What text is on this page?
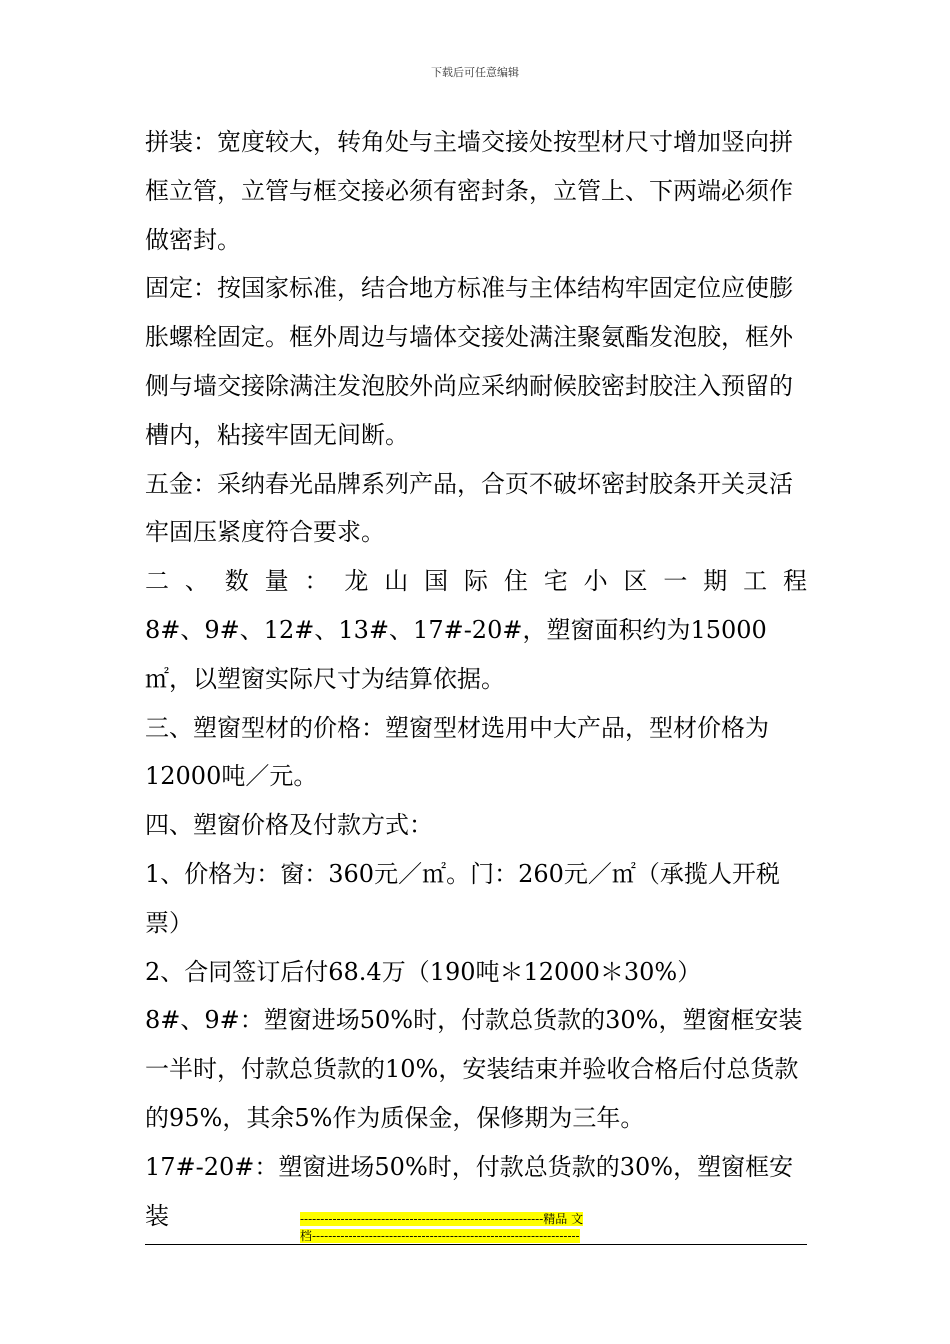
下载后可任意编辑

拼装：宽度较大，转角处与主墙交接处按型材尺寸增加竖向拼框立管，立管与框交接必须有密封条，立管上、下两端必须作做密封。

固定：按国家标准，结合地方标准与主体结构牢固定位应使膨胀螺栓固定。框外周边与墙体交接处满注聚氨酯发泡胶，框外侧与墙交接除满注发泡胶外尚应采纳耐候胶密封胶注入预留的槽内，粘接牢固无间断。

五金：采纳春光品牌系列产品，合页不破坏密封胶条开关灵活牢固压紧度符合要求。

二、数量：龙山国际住宅小区一期工程

8#、9#、12#、13#、17#-20#，塑窗面积约为15000㎡，以塑窗实际尺寸为结算依据。

三、塑窗型材的价格：塑窗型材选用中大产品，型材价格为12000吨／元。

四、塑窗价格及付款方式：

1、价格为：窗：360元／㎡。门：260元／㎡（承揽人开税票）

2、合同签订后付68.4万（190吨＊12000＊30%）

8#、9#：塑窗进场50%时，付款总货款的30%，塑窗框安装一半时，付款总货款的10%，安装结束并验收合格后付总货款的95%，其余5%作为质保金，保修期为三年。

17#-20#：塑窗进场50%时，付款总货款的30%，塑窗框安装	------------------------------------------------------------精品 文
档------------------------------------------------------------------
